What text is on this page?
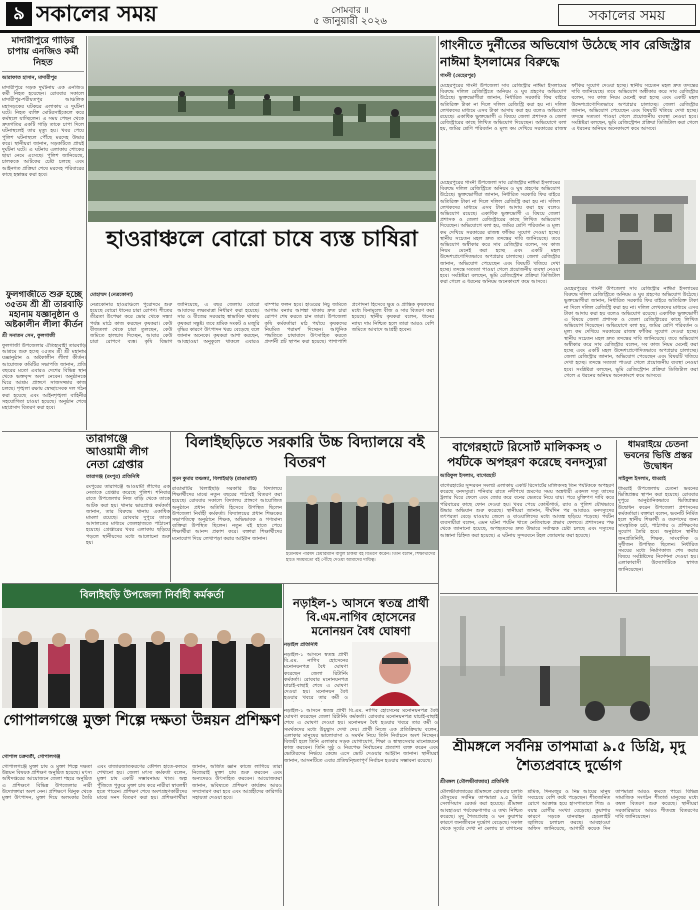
৯ সকালের সময়	সোমবার ॥
৫ জানুয়ারী ২০২৬	সকালের সময়
মাদারীপুরে গাড়ির চাপায় এনজিও কর্মী নিহত
আরাফাত হাসান, মাদারীপুর
মাদারীপুরে সড়ক দুর্ঘটনায় এক এনজিও কর্মী নিহত হয়েছেন। রোববার সকালে মাদারীপুর-শরীয়তপুর আঞ্চলিক মহাসড়কের ঘটকচর এলাকায় এ দুর্ঘটনা ঘটে। নিহত ব্যক্তি মোটরসাইকেলে করে কর্মস্থলে যাচ্ছিলেন। এ সময় পেছন থেকে দ্রুতগতির একটি গাড়ি তাকে চাপা দিলে ঘটনাস্থলেই তার মৃত্যু হয়। খবর পেয়ে পুলিশ ঘটনাস্থলে পৌঁছে মরদেহ উদ্ধার করে। স্থানীয়রা জানান, সড়কটিতে প্রায়ই দুর্ঘটনা ঘটে। এ ঘটনায় এলাকায় শোকের ছায়া নেমে এসেছে। পুলিশ জানিয়েছে, চালককে আটকের চেষ্টা চলছে এবং আইনগত প্রক্রিয়া শেষে মরদেহ পরিবারের কাছে হস্তান্তর করা হবে।
হাওরাঞ্চলে বোরো চাষে ব্যস্ত চাষিরা
ফুলগাজীতে শুরু হচ্ছে ৩৫তম শ্রী শ্রী তারবাড়ি মহানাম যজ্ঞানুষ্ঠান ও অষ্টকালীন লীলা কীর্তন
শ্রী সনাতন সেন, ফুলগাজী
ফুলগাজী উপজেলার ঐতিহ্যবাহী তারবাড়ি আশ্রমে শুরু হচ্ছে ৩৫তম শ্রী শ্রী মহানাম যজ্ঞানুষ্ঠান ও অষ্টকালীন লীলা কীর্তন। আয়োজক কমিটির সভাপতি জানান, প্রতি বছরের মতো এবারও দেশের বিভিন্ন স্থান থেকে ভক্তবৃন্দ অংশ নেবেন। অনুষ্ঠানকে ঘিরে আশ্রম প্রাঙ্গণে সাজসজ্জার কাজ চলছে। শৃঙ্খলা রক্ষায় স্বেচ্ছাসেবক দল গঠন করা হয়েছে এবং আইনশৃঙ্খলা বাহিনীর সহযোগিতা চাওয়া হয়েছে। অনুষ্ঠান শেষে মহাপ্রসাদ বিতরণ করা হবে।
মোহাম্মদ (নেত্রকোনা)
নেত্রকোনার হাওরাঞ্চলে পুরোদমে শুরু হয়েছে বোরো ধানের চারা রোপণ। শীতের তীব্রতা উপেক্ষা করে ভোর থেকে সন্ধ্যা পর্যন্ত মাঠে কাজ করছেন কৃষকরা। কেউ বীজতলা থেকে চারা তুলছেন, কেউ জমিতে হালচাষ দিচ্ছেন, আবার কেউ চারা রোপণে ব্যস্ত। কৃষি বিভাগ জানিয়েছে, এ বছর জেলায় বোরো আবাদের লক্ষ্যমাত্রা নির্ধারণ করা হয়েছে। সার ও বীজের সরবরাহ স্বাভাবিক থাকায় কৃষকরা সন্তুষ্ট। তবে শ্রমিক সংকট ও মজুরি বৃদ্ধির কারণে উৎপাদন খরচ বেড়েছে বলে জানান অনেকে। কৃষকরা আশা করছেন, আবহাওয়া অনুকূলে থাকলে এবারও বাম্পার ফলন হবে। হাওরের নিচু জমিতে আগাম বন্যার আশঙ্কা থাকায় দ্রুত চারা রোপণ শেষ করতে চান তারা। উপজেলা কৃষি কর্মকর্তারা মাঠ পর্যায়ে কৃষকদের নিয়মিত পরামর্শ দিচ্ছেন। আধুনিক পদ্ধতিতে চাষাবাদে উৎসাহিত করতে প্রদর্শনী প্লট স্থাপন করা হয়েছে। পাশাপাশি প্রণোদনা হিসেবে ক্ষুদ্র ও প্রান্তিক কৃষকদের মধ্যে বিনামূল্যে বীজ ও সার বিতরণ করা হয়েছে। স্থানীয় কৃষকরা বলেন, ধানের ন্যায্য দাম নিশ্চিত হলে তারা আরও বেশি জমিতে আবাদে আগ্রহী হবেন।
গাংনীতে দুর্নীতের অভিযোগ উঠেছে সাব রেজিস্ট্রার নাঈমা ইসলামের বিরুদ্ধে
গাংনী (মেহেরপুর)
মেহেরপুরের গাংনী উপজেলা সাব রেজিস্ট্রার নাঈমা ইসলামের বিরুদ্ধে দলিল রেজিস্ট্রিতে অনিয়ম ও ঘুষ গ্রহণের অভিযোগ উঠেছে। ভুক্তভোগীরা জানান, নির্ধারিত সরকারি ফির বাইরে অতিরিক্ত টাকা না দিলে দলিল রেজিস্ট্রি করা হয় না। দলিল লেখকদের মাধ্যমে এসব টাকা আদায় করা হয় বলেও অভিযোগ রয়েছে। একাধিক ভুক্তভোগী এ বিষয়ে জেলা প্রশাসক ও জেলা রেজিস্ট্রারের কাছে লিখিত অভিযোগ দিয়েছেন। অভিযোগে বলা হয়, জমির শ্রেণি পরিবর্তন ও মূল্য কম দেখিয়ে সরকারের রাজস্ব ফাঁকির সুযোগ দেওয়া হচ্ছে। স্থানীয় সচেতন মহল দ্রুত তদন্তের দাবি জানিয়েছে। তবে অভিযোগ অস্বীকার করে সাব রেজিস্ট্রার বলেন, সব কাজ নিয়ম মেনেই করা হচ্ছে এবং একটি মহল উদ্দেশ্যপ্রণোদিতভাবে অপপ্রচার চালাচ্ছে। জেলা রেজিস্ট্রার জানান, অভিযোগ পেয়েছেন এবং বিষয়টি খতিয়ে দেখা হচ্ছে। তদন্তে সত্যতা পাওয়া গেলে প্রয়োজনীয় ব্যবস্থা নেওয়া হবে। সংশ্লিষ্টরা বলছেন, ভূমি রেজিস্ট্রেশন প্রক্রিয়া ডিজিটাল করা গেলে এ ধরনের অনিয়ম অনেকাংশে কমে আসবে।
মেহেরপুরের গাংনী উপজেলা সাব রেজিস্ট্রার নাঈমা ইসলামের বিরুদ্ধে দলিল রেজিস্ট্রিতে অনিয়ম ও ঘুষ গ্রহণের অভিযোগ উঠেছে। ভুক্তভোগীরা জানান, নির্ধারিত সরকারি ফির বাইরে অতিরিক্ত টাকা না দিলে দলিল রেজিস্ট্রি করা হয় না। দলিল লেখকদের মাধ্যমে এসব টাকা আদায় করা হয় বলেও অভিযোগ রয়েছে। একাধিক ভুক্তভোগী এ বিষয়ে জেলা প্রশাসক ও জেলা রেজিস্ট্রারের কাছে লিখিত অভিযোগ দিয়েছেন। অভিযোগে বলা হয়, জমির শ্রেণি পরিবর্তন ও মূল্য কম দেখিয়ে সরকারের রাজস্ব ফাঁকির সুযোগ দেওয়া হচ্ছে। স্থানীয় সচেতন মহল দ্রুত তদন্তের দাবি জানিয়েছে। তবে অভিযোগ অস্বীকার করে সাব রেজিস্ট্রার বলেন, সব কাজ নিয়ম মেনেই করা হচ্ছে এবং একটি মহল উদ্দেশ্যপ্রণোদিতভাবে অপপ্রচার চালাচ্ছে। জেলা রেজিস্ট্রার জানান, অভিযোগ পেয়েছেন এবং বিষয়টি খতিয়ে দেখা হচ্ছে। তদন্তে সত্যতা পাওয়া গেলে প্রয়োজনীয় ব্যবস্থা নেওয়া হবে। সংশ্লিষ্টরা বলছেন, ভূমি রেজিস্ট্রেশন প্রক্রিয়া ডিজিটাল করা গেলে এ ধরনের অনিয়ম অনেকাংশে কমে আসবে।
মেহেরপুরের গাংনী উপজেলা সাব রেজিস্ট্রার নাঈমা ইসলামের বিরুদ্ধে দলিল রেজিস্ট্রিতে অনিয়ম ও ঘুষ গ্রহণের অভিযোগ উঠেছে। ভুক্তভোগীরা জানান, নির্ধারিত সরকারি ফির বাইরে অতিরিক্ত টাকা না দিলে দলিল রেজিস্ট্রি করা হয় না। দলিল লেখকদের মাধ্যমে এসব টাকা আদায় করা হয় বলেও অভিযোগ রয়েছে। একাধিক ভুক্তভোগী এ বিষয়ে জেলা প্রশাসক ও জেলা রেজিস্ট্রারের কাছে লিখিত অভিযোগ দিয়েছেন। অভিযোগে বলা হয়, জমির শ্রেণি পরিবর্তন ও মূল্য কম দেখিয়ে সরকারের রাজস্ব ফাঁকির সুযোগ দেওয়া হচ্ছে। স্থানীয় সচেতন মহল দ্রুত তদন্তের দাবি জানিয়েছে। তবে অভিযোগ অস্বীকার করে সাব রেজিস্ট্রার বলেন, সব কাজ নিয়ম মেনেই করা হচ্ছে এবং একটি মহল উদ্দেশ্যপ্রণোদিতভাবে অপপ্রচার চালাচ্ছে। জেলা রেজিস্ট্রার জানান, অভিযোগ পেয়েছেন এবং বিষয়টি খতিয়ে দেখা হচ্ছে। তদন্তে সত্যতা পাওয়া গেলে প্রয়োজনীয় ব্যবস্থা নেওয়া হবে। সংশ্লিষ্টরা বলছেন, ভূমি রেজিস্ট্রেশন প্রক্রিয়া ডিজিটাল করা গেলে এ ধরনের অনিয়ম অনেকাংশে কমে আসবে।
তারাগঞ্জে আওয়ামী লীগ নেতা গ্রেপ্তার
তারাগঞ্জ (রংপুর) প্রতিনিধি
রংপুরের তারাগঞ্জে আওয়ামী লীগের এক নেতাকে গ্রেপ্তার করেছে পুলিশ। শনিবার রাতে উপজেলার নিজ বাড়ি থেকে তাকে আটক করা হয়। থানার ভারপ্রাপ্ত কর্মকর্তা জানান, তার বিরুদ্ধে থানায় একাধিক মামলা রয়েছে। রোববার দুপুরে তাকে আদালতের মাধ্যমে জেলহাজতে পাঠানো হয়েছে। গ্রেপ্তারের খবর এলাকায় ছড়িয়ে পড়লে স্থানীয়দের মধ্যে আলোচনা শুরু হয়।
বিলাইছড়িতে সরকারি উচ্চ বিদ্যালয়ে বই বিতরণ
সুমন কুমার তঞ্চঙ্গ্যা, বিলাইছড়ি (রাঙামাটি)
রাঙামাটির বিলাইছড়ি সরকারি উচ্চ বিদ্যালয়ে শিক্ষার্থীদের মাঝে নতুন বছরের পাঠ্যবই বিতরণ করা হয়েছে। রোববার সকালে বিদ্যালয় প্রাঙ্গণে আয়োজিত অনুষ্ঠানে প্রধান অতিথি হিসেবে উপস্থিত ছিলেন উপজেলা নির্বাহী কর্মকর্তা। বিদ্যালয়ের প্রধান শিক্ষকের সভাপতিত্বে অনুষ্ঠানে শিক্ষক, অভিভাবক ও গণ্যমান্য ব্যক্তিরা উপস্থিত ছিলেন। নতুন বই হাতে পেয়ে শিক্ষার্থীরা আনন্দ প্রকাশ করে। বক্তারা শিক্ষার্থীদের মনোযোগ দিয়ে লেখাপড়া করার আহ্বান জানান।
ইউনিয়ন পরিষদ চেয়ারম্যান বাবুল চাকমা বই বিতরণ করেন। তিনি বলেন, শিক্ষার্থীদের হাতে সময়মতো বই পৌঁছে দেওয়া আমাদের দায়িত্ব।
বাগেরহাটে রিসোর্ট মালিকসহ ৩ পর্যটকে অপহরণ করেছে বনদস্যুরা
আরিফুল ইসলাম, বাগেরহাট
বাগেরহাটের সুন্দরবন সংলগ্ন এলাকায় একটি রিসোর্টের মালিকসহ তিন পর্যটককে অপহরণ করেছে বনদস্যুরা। শনিবার রাতে নদীপথে ভ্রমণের সময় অস্ত্রধারী একদল দস্যু তাদের ট্রলার ঘিরে ফেলে এবং জোর করে বনের ভেতরে নিয়ে যায়। পরে মুক্তিপণ দাবি করে পরিবারের কাছে ফোন দেওয়া হয়। খবর পেয়ে কোস্টগার্ড, র‌্যাব ও পুলিশ যৌথভাবে উদ্ধার অভিযান শুরু করেছে। স্থানীয়রা জানান, দীর্ঘদিন পর আবারও বনদস্যুদের তৎপরতা বেড়ে যাওয়ায় জেলে ও বাওয়ালিদের মধ্যে আতঙ্ক ছড়িয়ে পড়েছে। পর্যটন ব্যবসায়ীরা বলেন, এমন ঘটনা পর্যটন খাতে নেতিবাচক প্রভাব ফেলবে। প্রশাসনের পক্ষ থেকে জানানো হয়েছে, অপহৃতদের দ্রুত উদ্ধারে সর্বাত্মক চেষ্টা চলছে এবং দস্যুদের আস্তানা চিহ্নিত করা হয়েছে। এ ঘটনায় সুন্দরবনে টহল জোরদার করা হয়েছে।
ধামরাইয়ে চেতনা ভবনের ভিত্তি প্রস্তর উদ্বোধন
সাইফুল ইসলাম, ধামরাই
ধামরাই উপজেলায় চেতনা ভবনের ভিত্তিপ্রস্তর স্থাপন করা হয়েছে। রোববার দুপুরে আনুষ্ঠানিকভাবে ভিত্তিপ্রস্তর উদ্বোধন করেন উপজেলা প্রশাসনের কর্মকর্তারা। বক্তারা বলেন, ভবনটি নির্মিত হলে স্থানীয় শিক্ষার্থী ও তরুণদের জন্য সাংস্কৃতিক চর্চা, পাঠাগার ও প্রশিক্ষণের সুযোগ তৈরি হবে। অনুষ্ঠানে স্থানীয় জনপ্রতিনিধি, শিক্ষক, সাংবাদিক ও সুধীজন উপস্থিত ছিলেন। নির্ধারিত সময়ের মধ্যে নির্মাণকাজ শেষ করার বিষয়ে সংশ্লিষ্টদের নির্দেশনা দেওয়া হয়। এলাকাবাসী উদ্যোগটিকে স্বাগত জানিয়েছেন।
বিলাইছড়ি উপজেলা নির্বাহী কর্মকর্তা
নড়াইল-১ আসনে স্বতন্ত্র প্রার্থী বি.এম.নাগিব হোসেনের মনোনয়ন বৈধ ঘোষণা
নড়াইল প্রতিনিধি
নড়াইল-১ আসনে স্বতন্ত্র প্রার্থী বি.এম. নাগিব হোসেনের মনোনয়নপত্র বৈধ ঘোষণা করেছেন জেলা রিটার্নিং কর্মকর্তা। রোববার মনোনয়নপত্র যাচাই-বাছাই শেষে এ ঘোষণা দেওয়া হয়। মনোনয়ন বৈধ হওয়ার খবরে তার কর্মী ও
নড়াইল-১ আসনে স্বতন্ত্র প্রার্থী বি.এম. নাগিব হোসেনের মনোনয়নপত্র বৈধ ঘোষণা করেছেন জেলা রিটার্নিং কর্মকর্তা। রোববার মনোনয়নপত্র যাচাই-বাছাই শেষে এ ঘোষণা দেওয়া হয়। মনোনয়ন বৈধ হওয়ার খবরে তার কর্মী ও সমর্থকদের মধ্যে উচ্ছ্বাস দেখা দেয়। প্রার্থী নিজে এক প্রতিক্রিয়ায় বলেন, এলাকার মানুষের ভালোবাসা ও সমর্থন নিয়ে তিনি নির্বাচনে অংশ নিচ্ছেন। বিজয়ী হলে তিনি এলাকার সড়ক যোগাযোগ, শিক্ষা ও স্বাস্থ্যসেবার মানোন্নয়নে কাজ করবেন। তিনি সুষ্ঠু ও নিরপেক্ষ নির্বাচনের প্রত্যাশা ব্যক্ত করেন এবং ভোটারদের নির্ভয়ে কেন্দ্রে এসে ভোট দেওয়ার আহ্বান জানান। স্থানীয়রা জানান, আসনটিতে এবার প্রতিদ্বন্দ্বিতাপূর্ণ নির্বাচন হওয়ার সম্ভাবনা রয়েছে।
গোপালগঞ্জে মুক্তা শিল্পে দক্ষতা উন্নয়ন প্রশিক্ষণ
গোপাল চক্রবর্তী, গোপালগঞ্জ
গোপালগঞ্জে মুক্তা চাষ ও মুক্তা শিল্পে দক্ষতা উন্নয়ন বিষয়ক প্রশিক্ষণ অনুষ্ঠিত হয়েছে। মৎস্য অধিদপ্তরের আয়োজনে জেলা শহরে অনুষ্ঠিত এ প্রশিক্ষণে বিভিন্ন উপজেলার নারী উদ্যোক্তারা অংশ নেন। প্রশিক্ষণে ঝিনুক থেকে মুক্তা উৎপাদন, মুক্তা দিয়ে অলংকার তৈরি এবং বাজারজাতকরণের কৌশল হাতে-কলমে শেখানো হয়। জেলা মৎস্য কর্মকর্তা বলেন, মুক্তা চাষ একটি সম্ভাবনাময় খাত। অল্প পুঁজিতে পুকুরে মুক্তা চাষ করে নারীরা স্বাবলম্বী হতে পারেন। প্রশিক্ষণ শেষে অংশগ্রহণকারীদের মাঝে সনদ বিতরণ করা হয়। প্রশিক্ষণার্থীরা জানান, অর্জিত জ্ঞান কাজে লাগিয়ে তারা নিজেরাই মুক্তা চাষ শুরু করবেন এবং অন্যদেরও উৎসাহিত করবেন। আয়োজকরা জানান, ভবিষ্যতে প্রশিক্ষণ কার্যক্রম আরও সম্প্রসারণ করা হবে এবং আগ্রহীদের কারিগরি সহায়তা দেওয়া হবে।
শ্রীমঙ্গলে সর্বনিম্ন তাপমাত্রা ৯.৫ ডিগ্রি, মৃদু শৈত্যপ্রবাহে দুর্ভোগ
শ্রীমঙ্গল (মৌলভীবাজার) প্রতিনিধি
মৌলভীবাজারের শ্রীমঙ্গলে রোববার চলতি মৌসুমের সর্বনিম্ন তাপমাত্রা ৯.৫ ডিগ্রি সেলসিয়াস রেকর্ড করা হয়েছে। শ্রীমঙ্গল আবহাওয়া পর্যবেক্ষণাগার এ তথ্য নিশ্চিত করেছে। মৃদু শৈত্যপ্রবাহ ও ঘন কুয়াশার কারণে জনজীবনে দুর্ভোগ বেড়েছে। সকাল থেকে সূর্যের দেখা না মেলায় চা বাগানের শ্রমিক, দিনমজুর ও নিম্ন আয়ের মানুষ সবচেয়ে বেশি কষ্টে পড়েছেন। শীতজনিত রোগে আক্রান্ত হয়ে হাসপাতালে শিশু ও বয়স্ক রোগীর সংখ্যা বেড়েছে। কুয়াশার কারণে সড়কে যানবাহন হেডলাইট জ্বালিয়ে চলাচল করছে। আবহাওয়া অফিস জানিয়েছে, আগামী কয়েক দিন তাপমাত্রা আরও কমতে পারে। বিভিন্ন সামাজিক সংগঠন শীতার্ত মানুষের মধ্যে কম্বল বিতরণ শুরু করেছে। স্থানীয়রা সরকারিভাবে আরও শীতবস্ত্র বিতরণের দাবি জানিয়েছেন।
